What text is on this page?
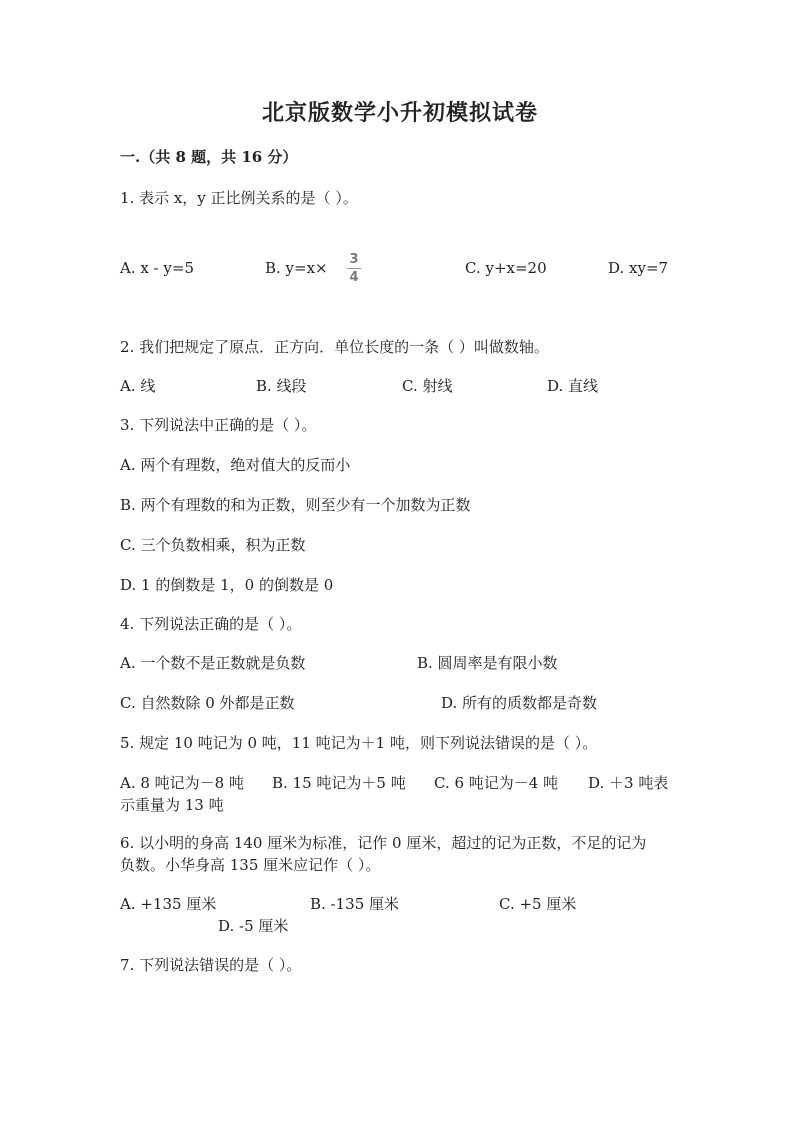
北京版数学小升初模拟试卷
一.（共 8 题，共 16 分）
1. 表示 x，y 正比例关系的是（ ）。
A. x - y=5	B. y=x× 3
4
C. y+x=20	D. xy=7
2. 我们把规定了原点．正方向．单位长度的一条（ ）叫做数轴。
A. 线	B. 线段	C. 射线	D. 直线
3. 下列说法中正确的是（ ）。
A. 两个有理数，绝对值大的反而小
B. 两个有理数的和为正数，则至少有一个加数为正数
C. 三个负数相乘，积为正数
D. 1 的倒数是 1，0 的倒数是 0
4. 下列说法正确的是（ ）。
A. 一个数不是正数就是负数	B. 圆周率是有限小数
C. 自然数除 0 外都是正数	D. 所有的质数都是奇数
5. 规定 10 吨记为 0 吨，11 吨记为＋1 吨，则下列说法错误的是（ ）。
A. 8 吨记为－8 吨 B. 15 吨记为＋5 吨 C. 6 吨记为－4 吨 D. ＋3 吨表
示重量为 13 吨
6. 以小明的身高 140 厘米为标准，记作 0 厘米，超过的记为正数，不足的记为
负数。小华身高 135 厘米应记作（ ）。
A. +135 厘米	B. -135 厘米	C. +5 厘米
D. -5 厘米
7. 下列说法错误的是（ ）。
